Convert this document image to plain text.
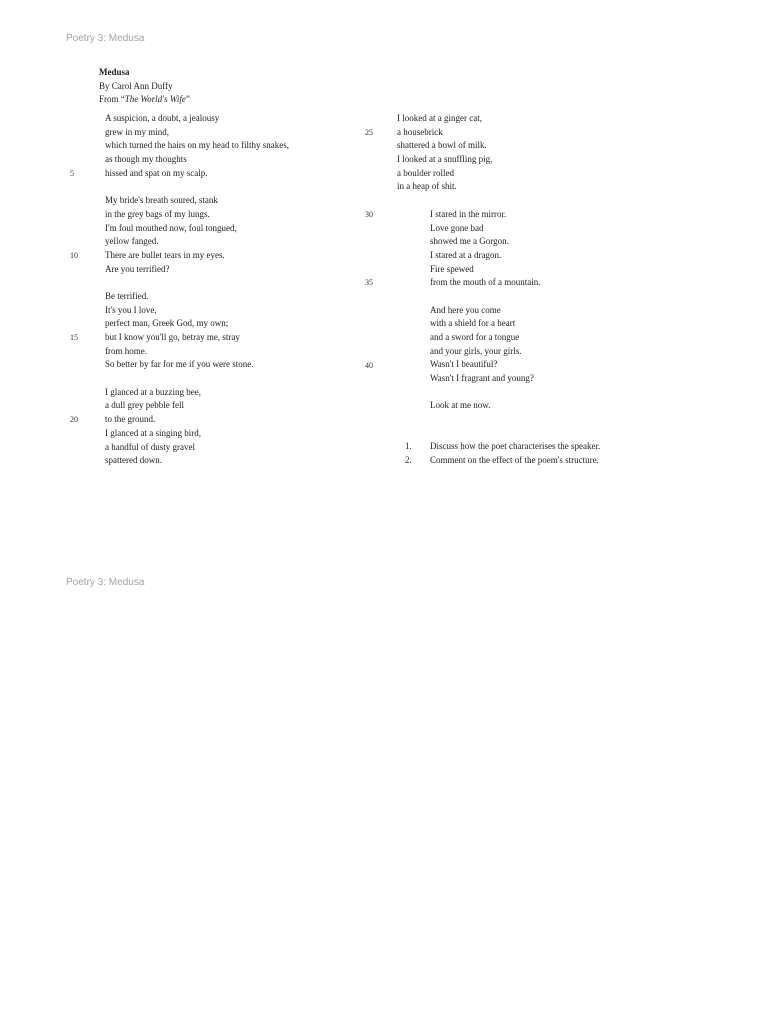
Poetry 3: Medusa
Medusa
By Carol Ann Duffy
From “The World's Wife”
5
10
15
20
25
30
35
40
A suspicion, a doubt, a jealousy
grew in my mind,
which turned the hairs on my head to filthy snakes,
as though my thoughts
hissed and spat on my scalp.
My bride's breath soured, stank
in the grey bags of my lungs.
I'm foul mouthed now, foul tongued,
yellow fanged.
There are bullet tears in my eyes.
Are you terrified?
Be terrified.
It's you I love,
perfect man, Greek God, my own;
but I know you'll go, betray me, stray
from home.
So better by far for me if you were stone.
I glanced at a buzzing bee,
a dull grey pebble fell
to the ground.
I glanced at a singing bird,
a handful of dusty gravel
spattered down.
I looked at a ginger cat,
a housebrick
shattered a bowl of milk.
I looked at a snuffling pig,
a boulder rolled
in a heap of shit.
I stared in the mirror.
Love gone bad
showed me a Gorgon.
I stared at a dragon.
Fire spewed
from the mouth of a mountain.
And here you come
with a shield for a heart
and a sword for a tongue
and your girls, your girls.
Wasn't I beautiful?
Wasn't I fragrant and young?
Look at me now.
1. Discuss how the poet characterises the speaker.
2. Comment on the effect of the poem's structure.
Poetry 3: Medusa
